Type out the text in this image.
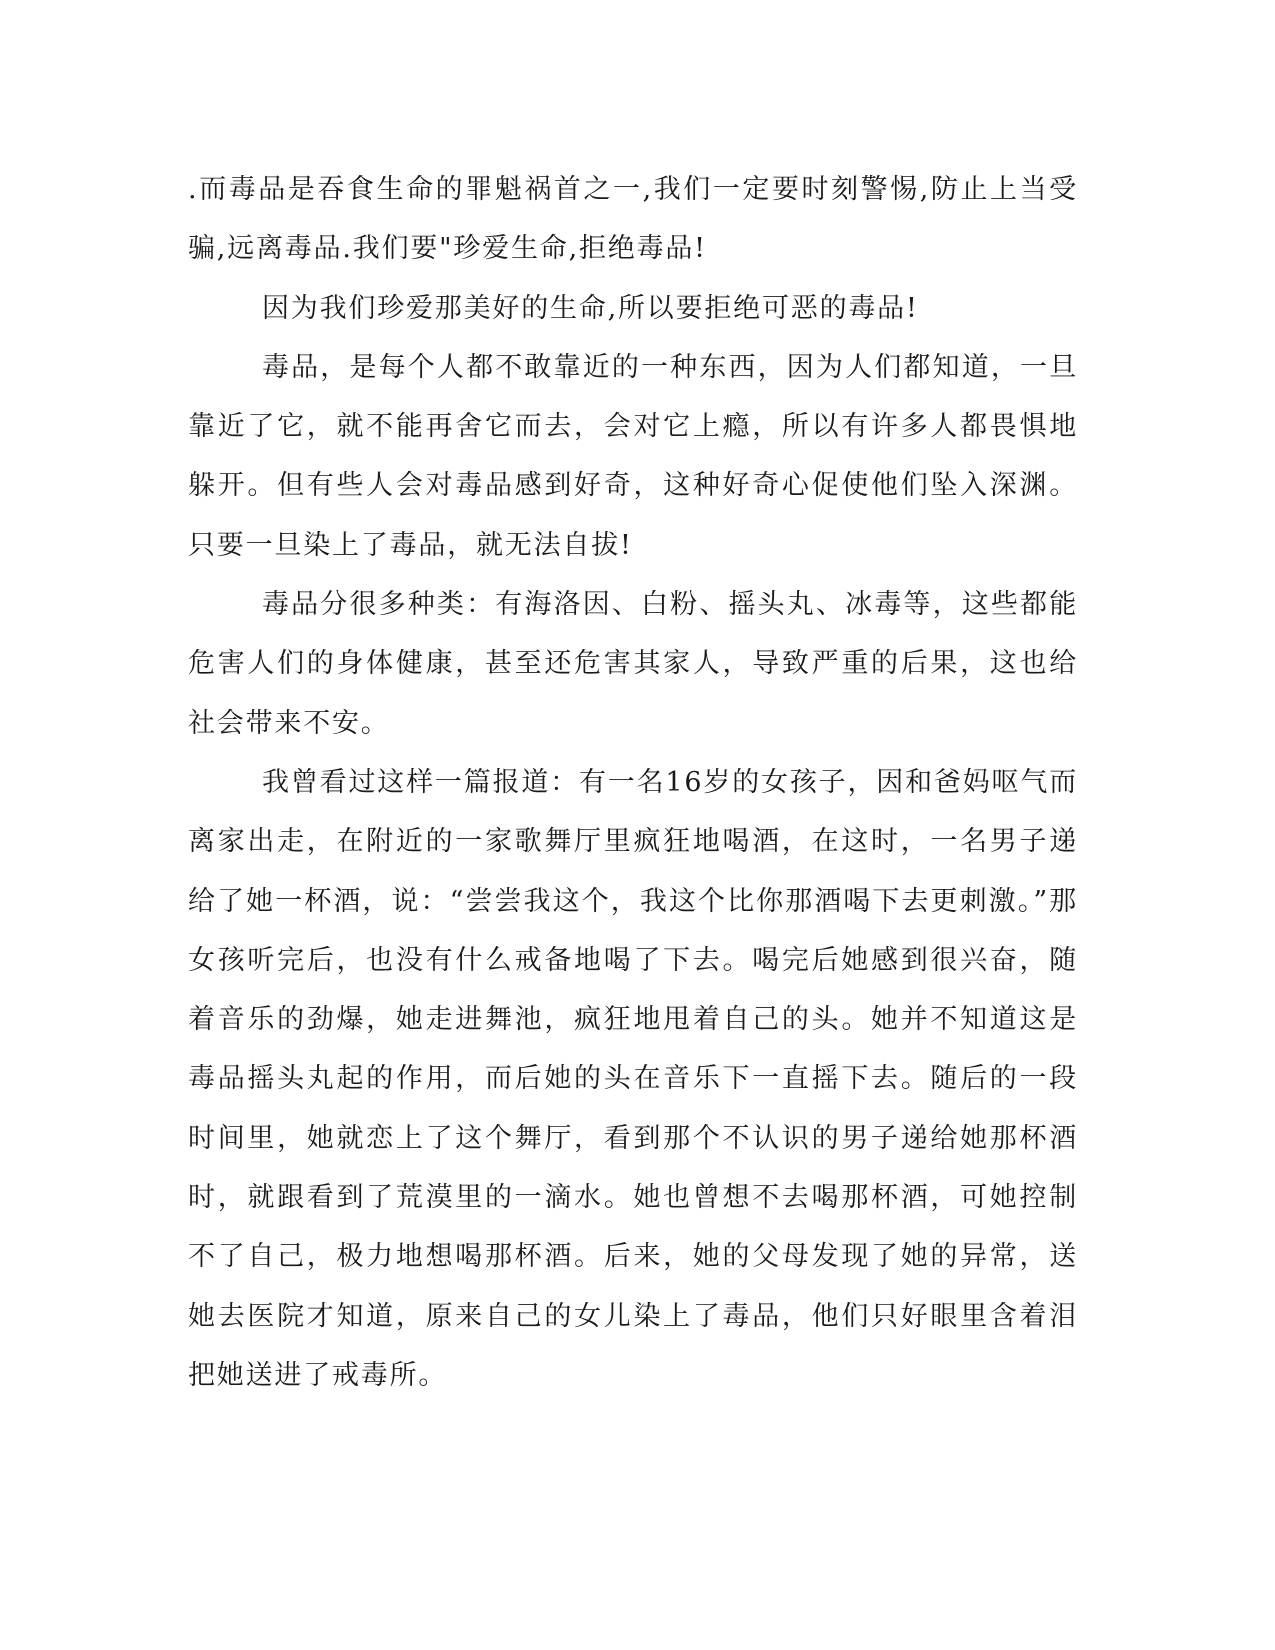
.而毒品是吞食生命的罪魁祸首之一,我们一定要时刻警惕,防止上当受骗,远离毒品.我们要"珍爱生命,拒绝毒品!

因为我们珍爱那美好的生命,所以要拒绝可恶的毒品!

毒品，是每个人都不敢靠近的一种东西，因为人们都知道，一旦靠近了它，就不能再舍它而去，会对它上瘾，所以有许多人都畏惧地躲开。但有些人会对毒品感到好奇，这种好奇心促使他们坠入深渊。只要一旦染上了毒品，就无法自拔!

毒品分很多种类：有海洛因、白粉、摇头丸、冰毒等，这些都能危害人们的身体健康，甚至还危害其家人，导致严重的后果，这也给社会带来不安。

我曾看过这样一篇报道：有一名16岁的女孩子，因和爸妈呕气而离家出走，在附近的一家歌舞厅里疯狂地喝酒，在这时，一名男子递给了她一杯酒，说：“尝尝我这个，我这个比你那酒喝下去更刺激。”那女孩听完后，也没有什么戒备地喝了下去。喝完后她感到很兴奋，随着音乐的劲爆，她走进舞池，疯狂地甩着自己的头。她并不知道这是毒品摇头丸起的作用，而后她的头在音乐下一直摇下去。随后的一段时间里，她就恋上了这个舞厅，看到那个不认识的男子递给她那杯酒时，就跟看到了荒漠里的一滴水。她也曾想不去喝那杯酒，可她控制不了自己，极力地想喝那杯酒。后来，她的父母发现了她的异常，送她去医院才知道，原来自己的女儿染上了毒品，他们只好眼里含着泪把她送进了戒毒所。
